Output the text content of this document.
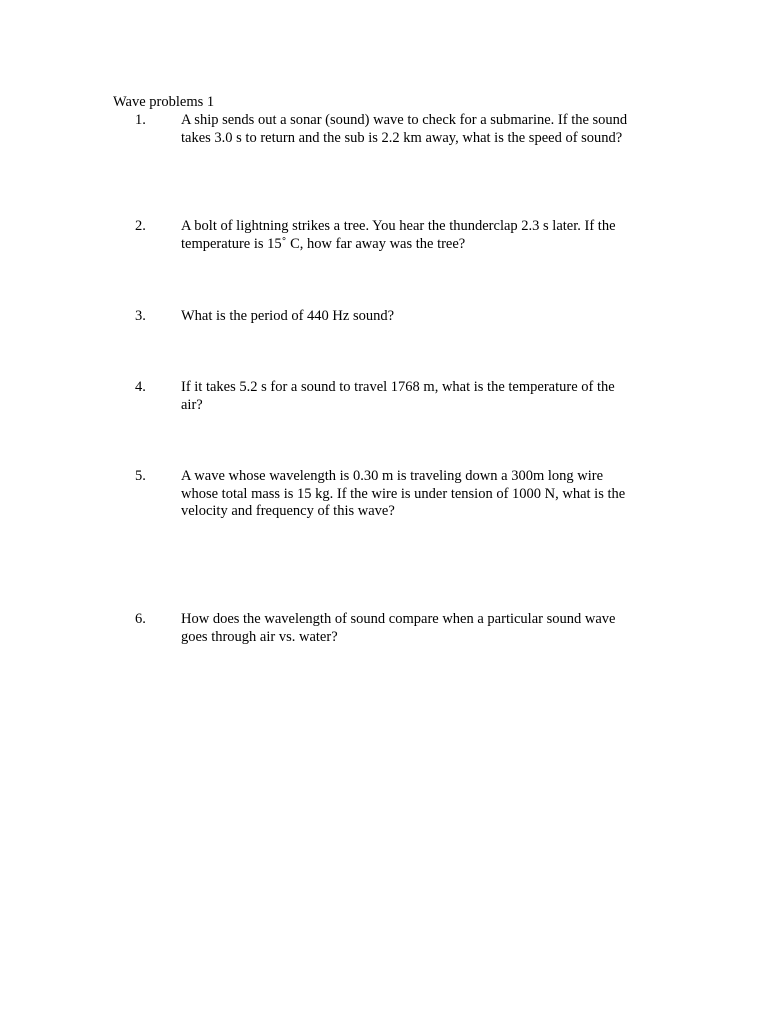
Wave problems 1
1. A ship sends out a sonar (sound) wave to check for a submarine. If the sound
takes 3.0 s to return and the sub is 2.2 km away, what is the speed of sound?
2. A bolt of lightning strikes a tree. You hear the thunderclap 2.3 s later. If the
temperature is 15˚ C, how far away was the tree?
3. What is the period of 440 Hz sound?
4. If it takes 5.2 s for a sound to travel 1768 m, what is the temperature of the
air?
5. A wave whose wavelength is 0.30 m is traveling down a 300m long wire
whose total mass is 15 kg. If the wire is under tension of 1000 N, what is the
velocity and frequency of this wave?
6. How does the wavelength of sound compare when a particular sound wave
goes through air vs. water?
